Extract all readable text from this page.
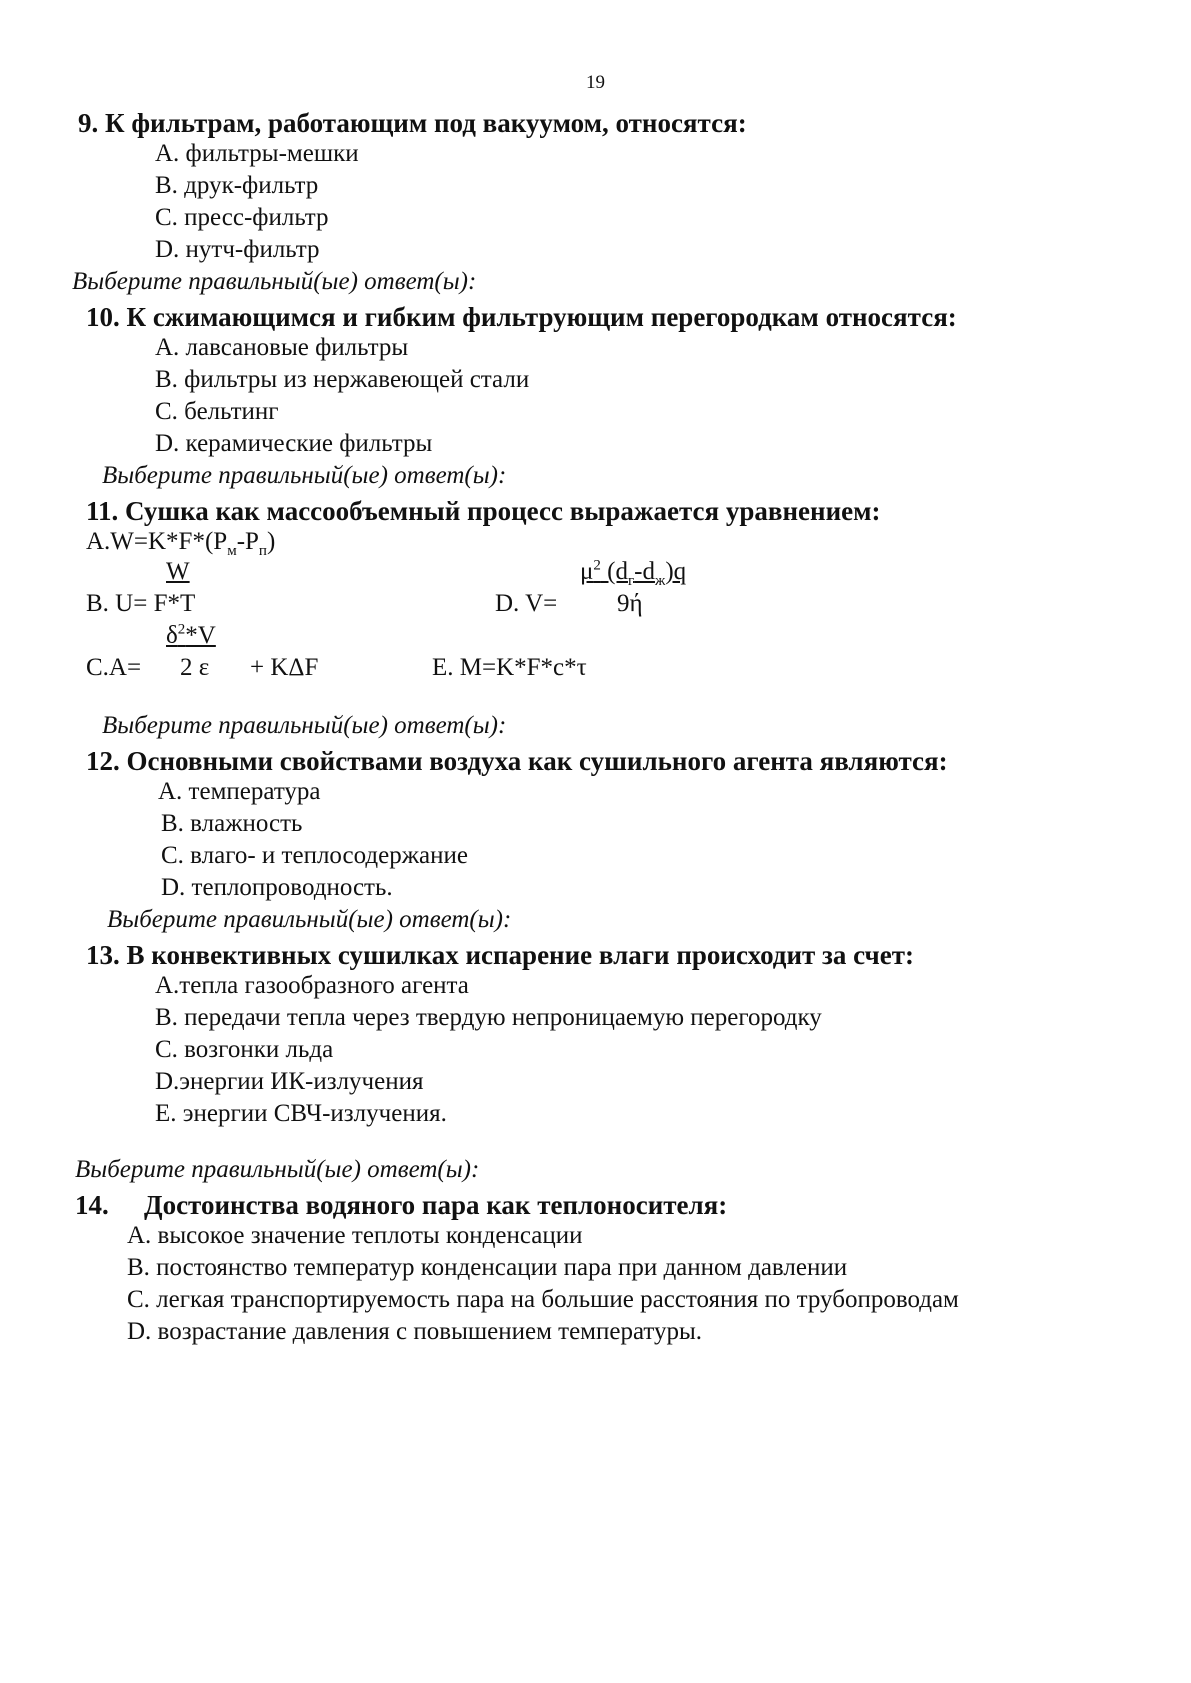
19
9. К фильтрам, работающим под вакуумом, относятся:
A. фильтры-мешки
B. друк-фильтр
C. пресс-фильтр
D. нутч-фильтр
Выберите правильный(ые) ответ(ы):
10. К сжимающимся и гибким фильтрующим перегородкам относятся:
A. лавсановые фильтры
B. фильтры из нержавеющей стали
C. бельтинг
D. керамические фильтры
Выберите правильный(ые) ответ(ы):
11. Сушка как массообъемный процесс выражается уравнением:
$A.W=K*F*(P_м-P_п)$
W
B. U= F*T
$\mu^2$ $(d_г-d_ж)q$
D. V= 9ή
$\delta^2*V$
C.A= 2 ε + KΔF	E. M=K*F*c*τ
Выберите правильный(ые) ответ(ы):
12. Основными свойствами воздуха как сушильного агента являются:
A. температура
B. влажность
C. влаго- и теплосодержание
D. теплопроводность.
Выберите правильный(ые) ответ(ы):
13. В конвективных сушилках испарение влаги происходит за счет:
A.тепла газообразного агента
B. передачи тепла через твердую непроницаемую перегородку
C. возгонки льда
D.энергии ИК-излучения
E. энергии СВЧ-излучения.
Выберите правильный(ые) ответ(ы):
14. Достоинства водяного пара как теплоносителя:
A. высокое значение теплоты конденсации
B. постоянство температур конденсации пара при данном давлении
C. легкая транспортируемость пара на большие расстояния по трубопроводам
D. возрастание давления с повышением температуры.
